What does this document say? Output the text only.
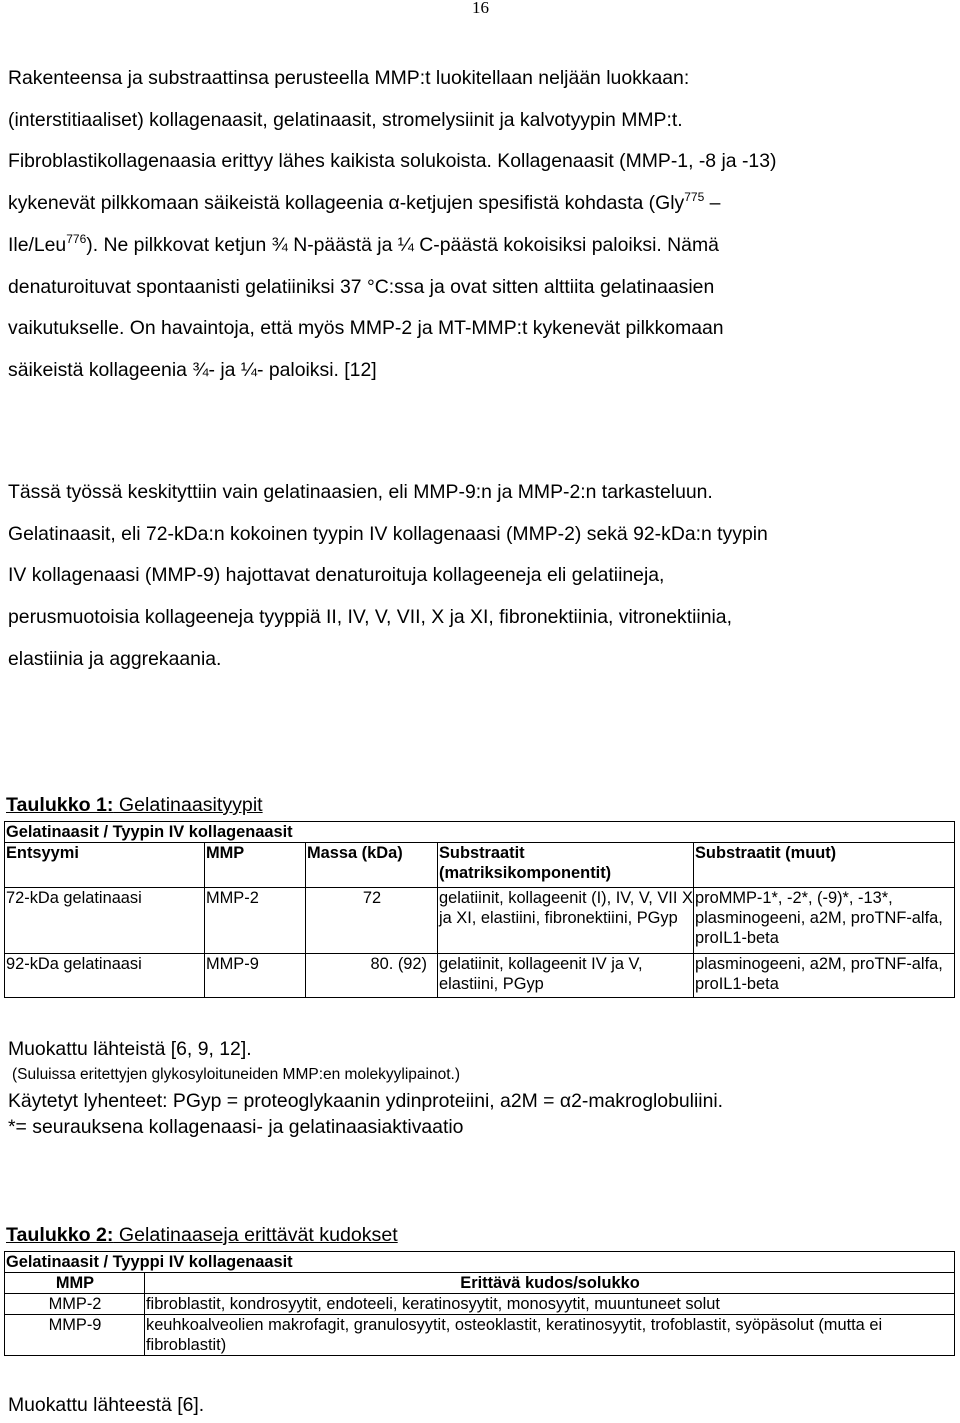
16
Rakenteensa ja substraattinsa perusteella MMP:t luokitellaan neljään luokkaan:
(interstitiaaliset) kollagenaasit, gelatinaasit, stromelysiinit ja kalvotyypin MMP:t.
Fibroblastikollagenaasia erittyy lähes kaikista solukoista. Kollagenaasit (MMP-1, -8 ja -13)
kykenevät pilkkomaan säikeistä kollageenia α-ketjujen spesifistä kohdasta (Gly$^{775}$ –
Ile/Leu$^{776}$). Ne pilkkovat ketjun ¾ N-päästä ja ¼ C-päästä kokoisiksi paloiksi. Nämä
denaturoituvat spontaanisti gelatiiniksi 37 °C:ssa ja ovat sitten alttiita gelatinaasien
vaikutukselle. On havaintoja, että myös MMP-2 ja MT-MMP:t kykenevät pilkkomaan
säikeistä kollageenia ¾- ja ¼- paloiksi. [12]
Tässä työssä keskityttiin vain gelatinaasien, eli MMP-9:n ja MMP-2:n tarkasteluun.
Gelatinaasit, eli 72-kDa:n kokoinen tyypin IV kollagenaasi (MMP-2) sekä 92-kDa:n tyypin
IV kollagenaasi (MMP-9) hajottavat denaturoituja kollageeneja eli gelatiineja,
perusmuotoisia kollageeneja tyyppiä II, IV, V, VII, X ja XI, fibronektiinia, vitronektiinia,
elastiinia ja aggrekaania.

Taulukko 1: Gelatinaasityypit

Gelatinaasit / Tyypin IV kollagenaasit				
Entsyymi	MMP	Massa (kDa)	Substraatit (matriksikomponentit)	Substraatit (muut)
72-kDa gelatinaasi	MMP-2	72	gelatiinit, kollageenit (I), IV, V, VII X ja XI, elastiini, fibronektiini, PGyp	proMMP-1*, -2*, (-9)*, -13*, plasminogeeni, a2M, proTNF-alfa, proIL1-beta
92-kDa gelatinaasi	MMP-9	80. (92)	gelatiinit, kollageenit IV ja V, elastiini, PGyp	plasminogeeni, a2M, proTNF-alfa, proIL1-beta

Muokattu lähteistä [6, 9, 12].

(Suluissa eritettyjen glykosyloituneiden MMP:en molekyylipainot.)

Käytetyt lyhenteet: PGyp = proteoglykaanin ydinproteiini, a2M = α2-makroglobuliini.

*= seurauksena kollagenaasi- ja gelatinaasiaktivaatio

Taulukko 2: Gelatinaaseja erittävät kudokset

Gelatinaasit / Tyyppi IV kollagenaasit	
MMP	Erittävä kudos/solukko
MMP-2	fibroblastit, kondrosyytit, endoteeli, keratinosyytit, monosyytit, muuntuneet solut
MMP-9	keuhkoalveolien makrofagit, granulosyytit, osteoklastit, keratinosyytit, trofoblastit, syöpäsolut (mutta ei fibroblastit)

Muokattu lähteestä [6].
